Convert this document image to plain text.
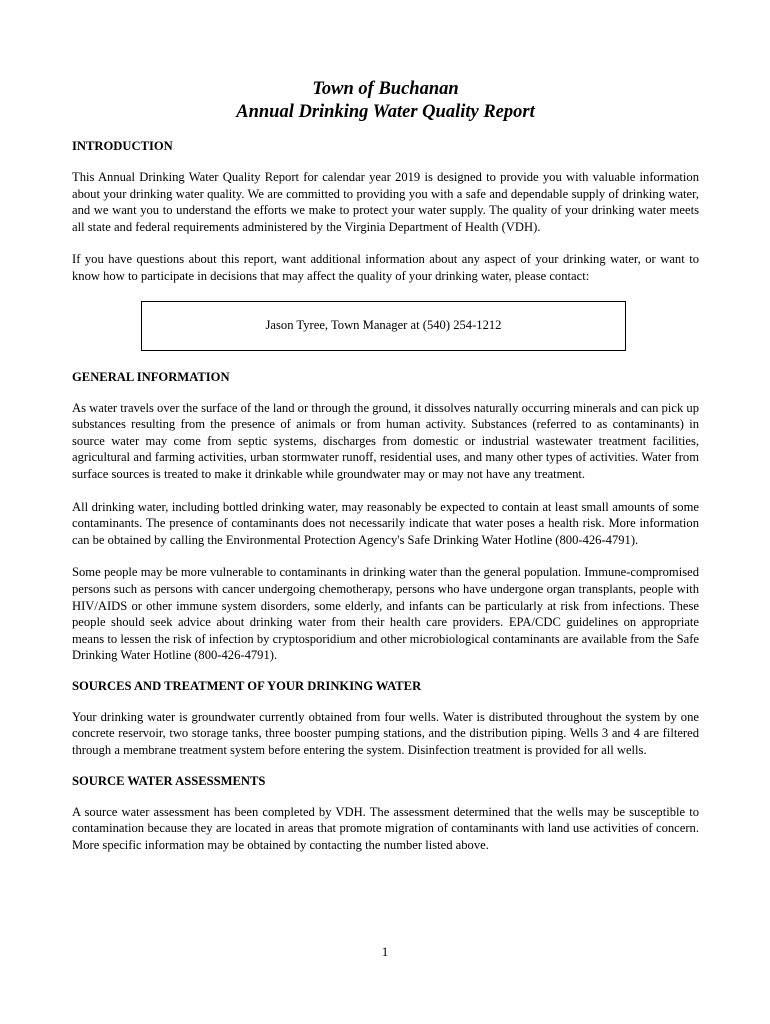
Town of Buchanan

Annual Drinking Water Quality Report

INTRODUCTION

This Annual Drinking Water Quality Report for calendar year 2019 is designed to provide you with valuable information about your drinking water quality. We are committed to providing you with a safe and dependable supply of drinking water, and we want you to understand the efforts we make to protect your water supply. The quality of your drinking water meets all state and federal requirements administered by the Virginia Department of Health (VDH).

If you have questions about this report, want additional information about any aspect of your drinking water, or want to know how to participate in decisions that may affect the quality of your drinking water, please contact:

Jason Tyree, Town Manager at (540) 254-1212

GENERAL INFORMATION

As water travels over the surface of the land or through the ground, it dissolves naturally occurring minerals and can pick up substances resulting from the presence of animals or from human activity. Substances (referred to as contaminants) in source water may come from septic systems, discharges from domestic or industrial wastewater treatment facilities, agricultural and farming activities, urban stormwater runoff, residential uses, and many other types of activities. Water from surface sources is treated to make it drinkable while groundwater may or may not have any treatment.

All drinking water, including bottled drinking water, may reasonably be expected to contain at least small amounts of some contaminants. The presence of contaminants does not necessarily indicate that water poses a health risk. More information can be obtained by calling the Environmental Protection Agency's Safe Drinking Water Hotline (800-426-4791).

Some people may be more vulnerable to contaminants in drinking water than the general population. Immune-compromised persons such as persons with cancer undergoing chemotherapy, persons who have undergone organ transplants, people with HIV/AIDS or other immune system disorders, some elderly, and infants can be particularly at risk from infections. These people should seek advice about drinking water from their health care providers. EPA/CDC guidelines on appropriate means to lessen the risk of infection by cryptosporidium and other microbiological contaminants are available from the Safe Drinking Water Hotline (800-426-4791).

SOURCES AND TREATMENT OF YOUR DRINKING WATER

Your drinking water is groundwater currently obtained from four wells. Water is distributed throughout the system by one concrete reservoir, two storage tanks, three booster pumping stations, and the distribution piping. Wells 3 and 4 are filtered through a membrane treatment system before entering the system. Disinfection treatment is provided for all wells.

SOURCE WATER ASSESSMENTS

A source water assessment has been completed by VDH. The assessment determined that the wells may be susceptible to contamination because they are located in areas that promote migration of contaminants with land use activities of concern. More specific information may be obtained by contacting the number listed above.

1
